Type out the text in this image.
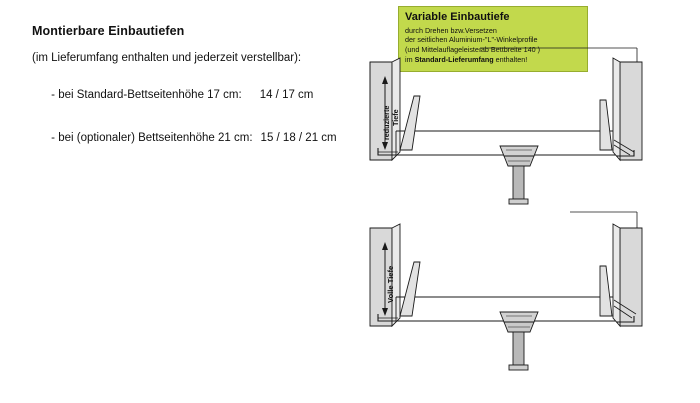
Montierbare Einbautiefen
(im Lieferumfang enthalten und jederzeit verstellbar):

- bei Standard-Bettseitenhöhe 17 cm: 14 / 17 cm

- bei (optionaler) Bettseitenhöhe 21 cm: 15 / 18 / 21 cm

Variable Einbautiefe
durch Drehen bzw.Versetzen
der seitlichen Aluminium-"L"-Winkelprofile
(und Mittelauflageleiste ab Bettbreite 140 )
im Standard-Lieferumfang enthalten!
reduzierte Tiefe
Volle Tiefe
